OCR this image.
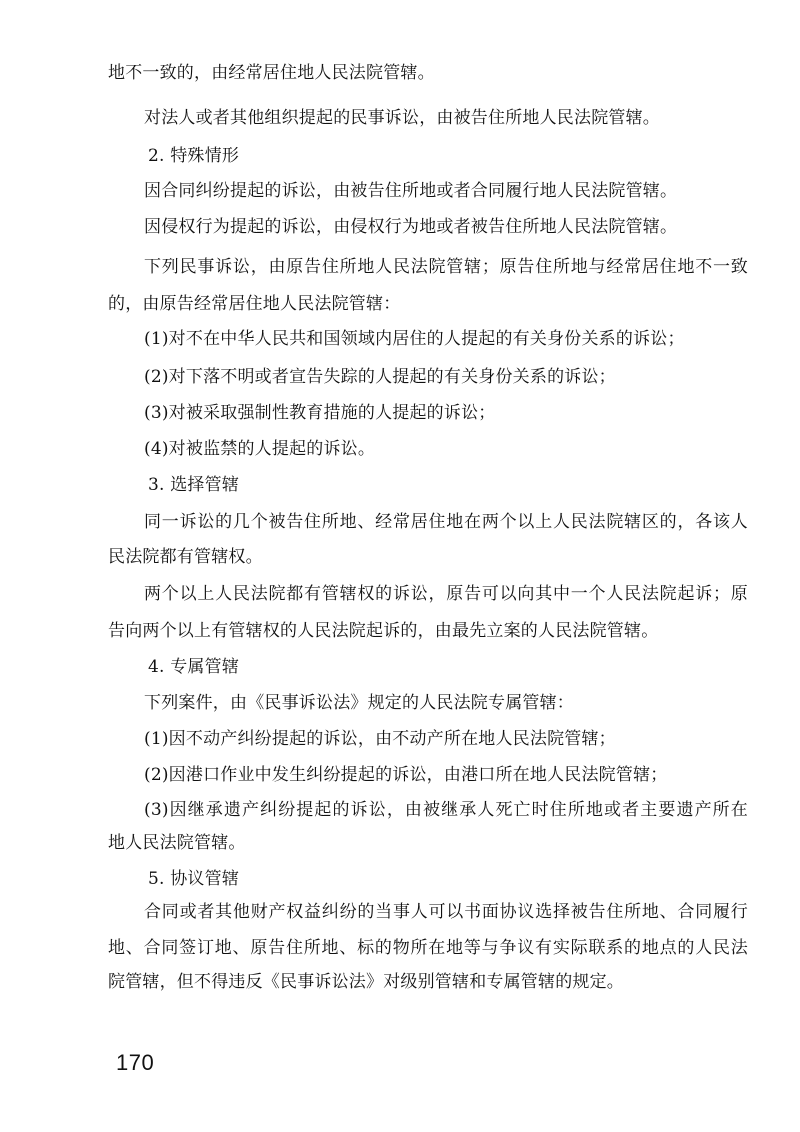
地不一致的，由经常居住地人民法院管辖。
对法人或者其他组织提起的民事诉讼，由被告住所地人民法院管辖。
2. 特殊情形
因合同纠纷提起的诉讼，由被告住所地或者合同履行地人民法院管辖。
因侵权行为提起的诉讼，由侵权行为地或者被告住所地人民法院管辖。
下列民事诉讼，由原告住所地人民法院管辖；原告住所地与经常居住地不一致
的，由原告经常居住地人民法院管辖：
(1)对不在中华人民共和国领域内居住的人提起的有关身份关系的诉讼；
(2)对下落不明或者宣告失踪的人提起的有关身份关系的诉讼；
(3)对被采取强制性教育措施的人提起的诉讼；
(4)对被监禁的人提起的诉讼。
3. 选择管辖
同一诉讼的几个被告住所地、经常居住地在两个以上人民法院辖区的，各该人
民法院都有管辖权。
两个以上人民法院都有管辖权的诉讼，原告可以向其中一个人民法院起诉；原
告向两个以上有管辖权的人民法院起诉的，由最先立案的人民法院管辖。
4. 专属管辖
下列案件，由《民事诉讼法》规定的人民法院专属管辖：
(1)因不动产纠纷提起的诉讼，由不动产所在地人民法院管辖；
(2)因港口作业中发生纠纷提起的诉讼，由港口所在地人民法院管辖；
(3)因继承遗产纠纷提起的诉讼，由被继承人死亡时住所地或者主要遗产所在
地人民法院管辖。
5. 协议管辖
合同或者其他财产权益纠纷的当事人可以书面协议选择被告住所地、合同履行
地、合同签订地、原告住所地、标的物所在地等与争议有实际联系的地点的人民法
院管辖，但不得违反《民事诉讼法》对级别管辖和专属管辖的规定。
170
